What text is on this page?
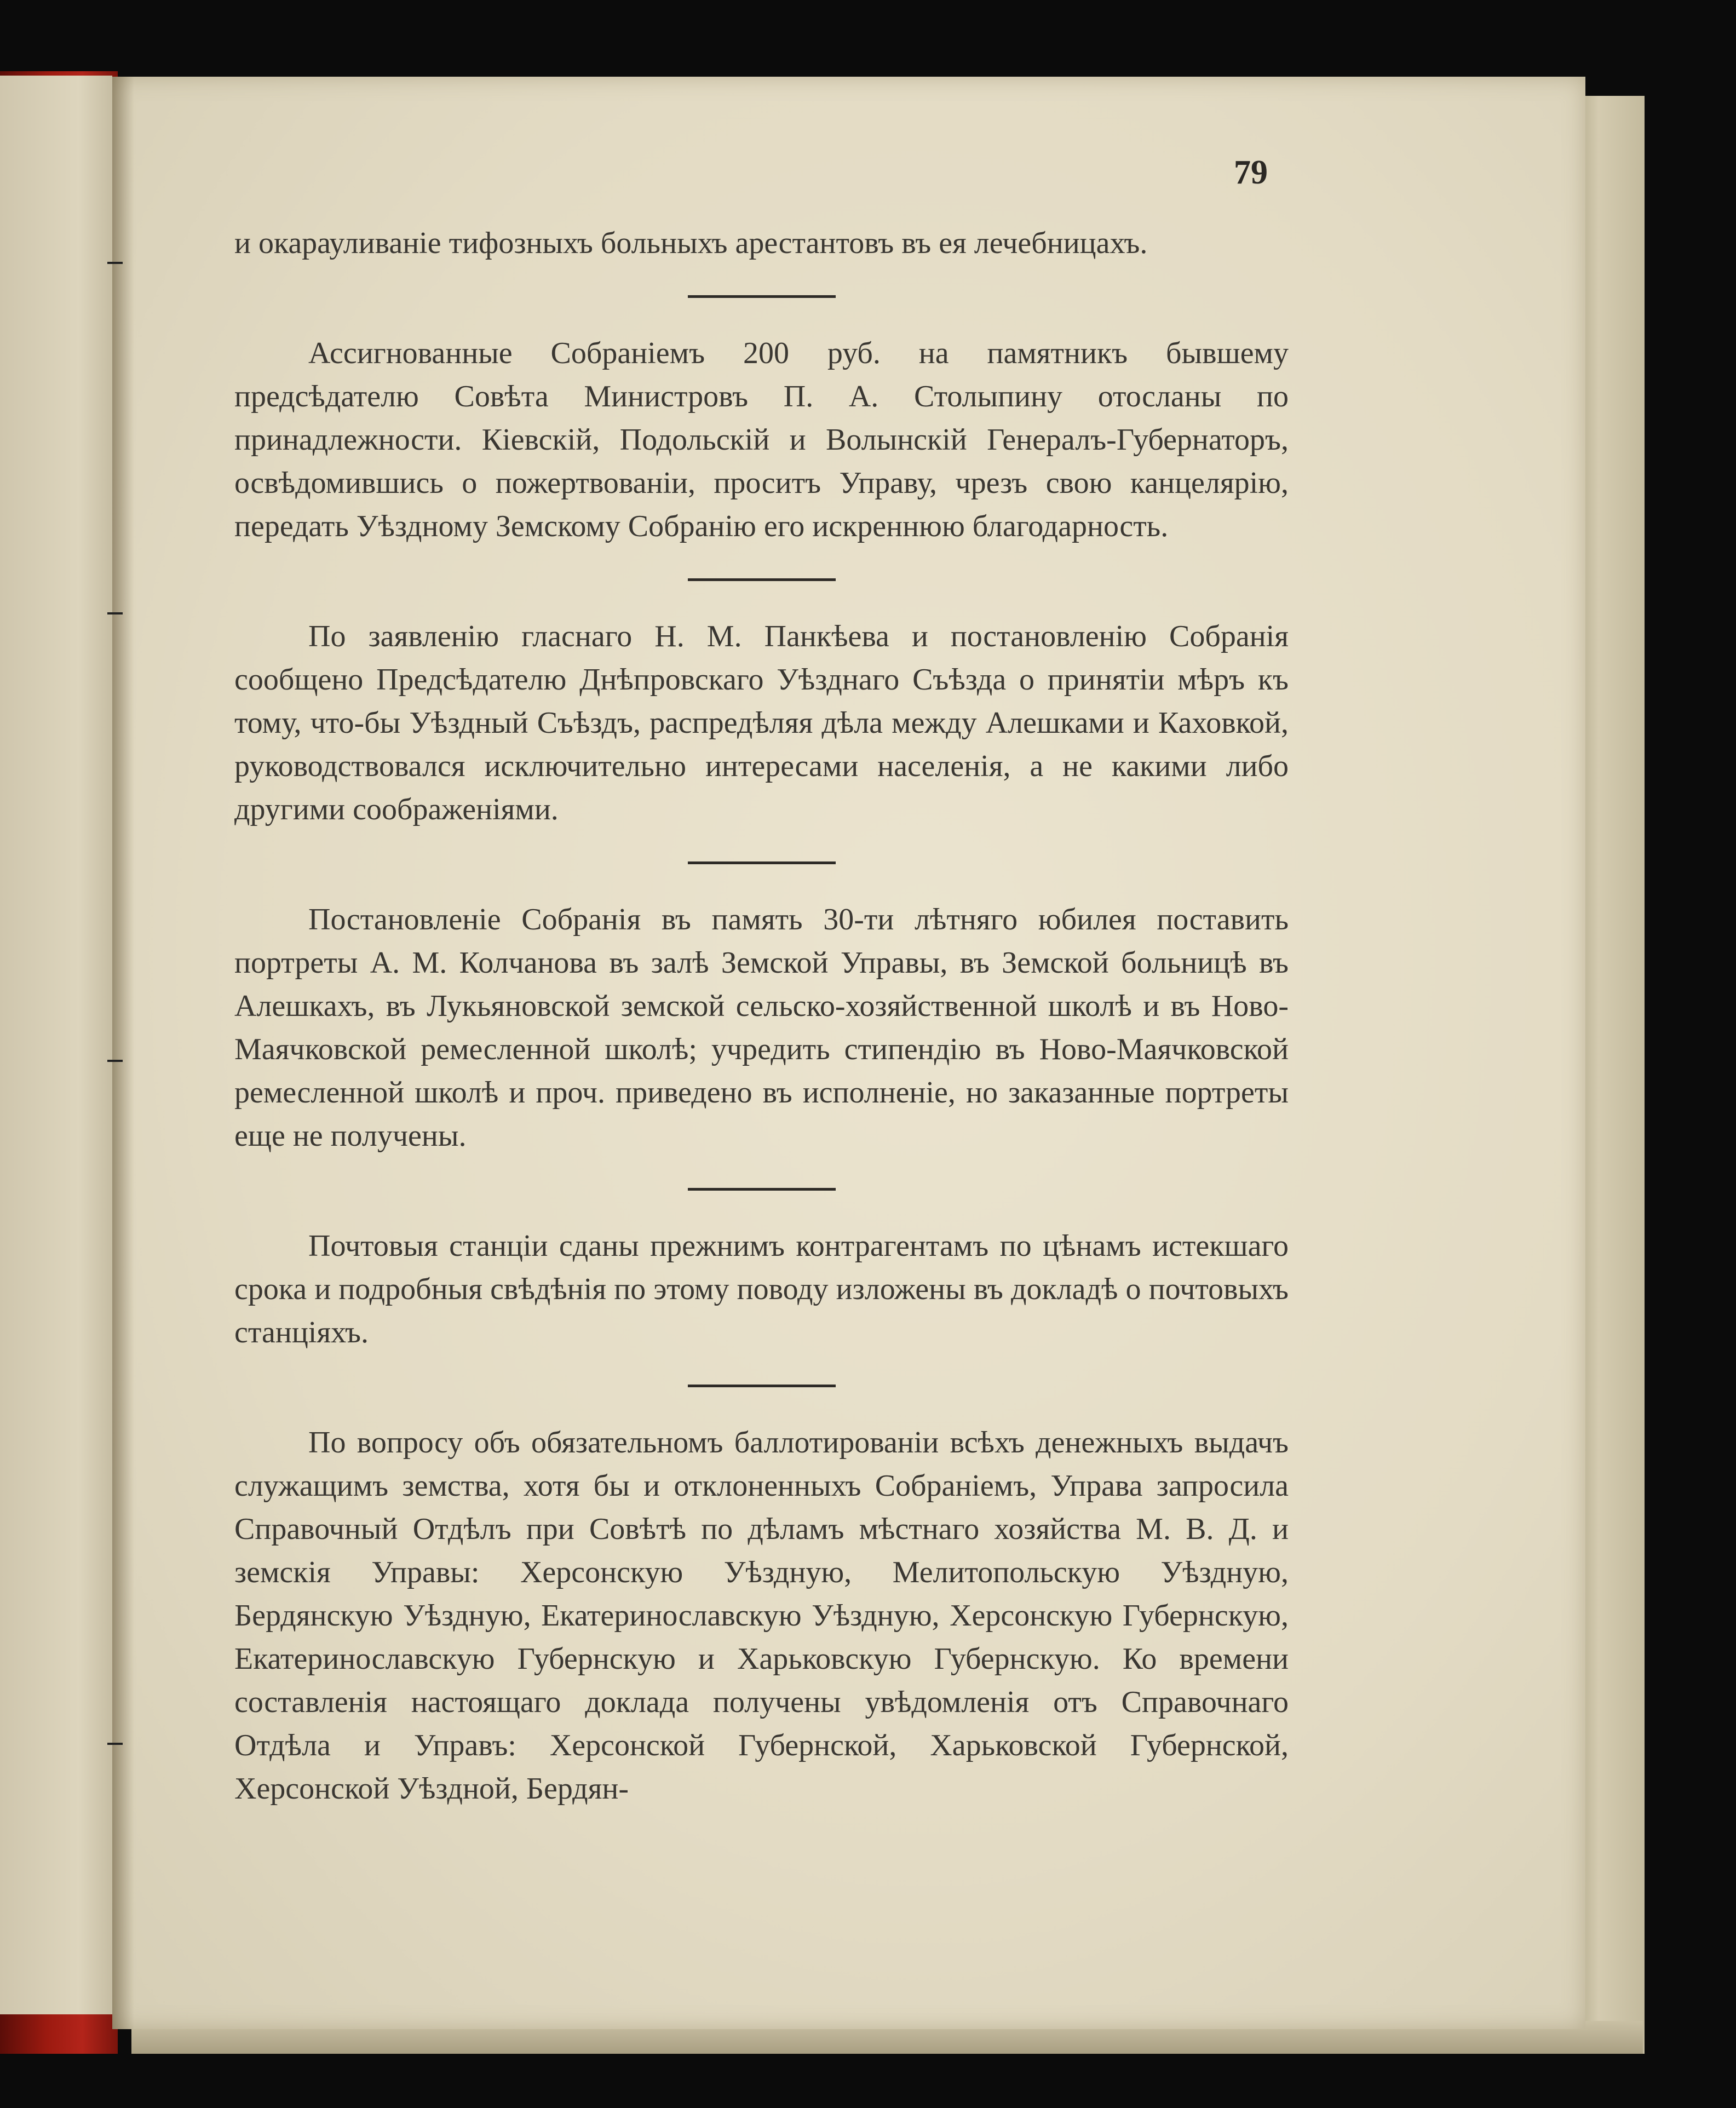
79

и окарауливаніе тифозныхъ больныхъ арестантовъ въ ея лечебницахъ.

Ассигнованные Собраніемъ 200 руб. на памятникъ бывшему предсѣдателю Совѣта Министровъ П. А. Столыпину отосланы по принадлежности. Кіевскій, Подольскій и Волынскій Генералъ-Губернаторъ, освѣдомившись о пожертвованіи, проситъ Управу, чрезъ свою канцелярію, передать Уѣздному Земскому Собранію его искреннюю благодарность.

По заявленію гласнаго Н. М. Панкѣева и постановленію Собранія сообщено Предсѣдателю Днѣпровскаго Уѣзднаго Съѣзда о принятіи мѣръ къ тому, что-бы Уѣздный Съѣздъ, распредѣляя дѣла между Алешками и Каховкой, руководствовался исключительно интересами населенія, а не какими либо другими соображеніями.

Постановленіе Собранія въ память 30-ти лѣтняго юбилея поставить портреты А. М. Колчанова въ залѣ Земской Управы, въ Земской больницѣ въ Алешкахъ, въ Лукьяновской земской сельско-хозяйственной школѣ и въ Ново-Маячковской ремесленной школѣ; учредить стипендію въ Ново-Маячковской ремесленной школѣ и проч. приведено въ исполненіе, но заказанные портреты еще не получены.

Почтовыя станціи сданы прежнимъ контрагентамъ по цѣнамъ истекшаго срока и подробныя свѣдѣнія по этому поводу изложены въ докладѣ о почтовыхъ станціяхъ.

По вопросу объ обязательномъ баллотированіи всѣхъ денежныхъ выдачъ служащимъ земства, хотя бы и отклоненныхъ Собраніемъ, Управа запросила Справочный Отдѣлъ при Совѣтѣ по дѣламъ мѣстнаго хозяйства М. В. Д. и земскія Управы: Херсонскую Уѣздную, Мелитопольскую Уѣздную, Бердянскую Уѣздную, Екатеринославскую Уѣздную, Херсонскую Губернскую, Екатеринославскую Губернскую и Харьковскую Губернскую. Ко времени составленія настоящаго доклада получены увѣдомленія отъ Справочнаго Отдѣла и Управъ: Херсонской Губернской, Харьковской Губернской, Херсонской Уѣздной, Бердян-
